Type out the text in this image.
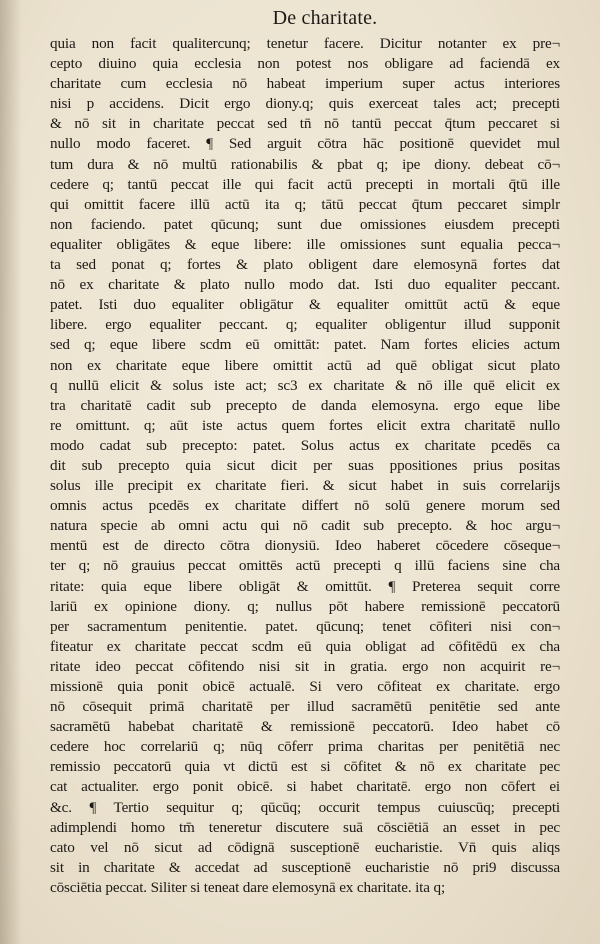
De charitate.
quia non facit qualitercunq; tenetur facere. Dicitur notanter ex pre¬
cepto diuino quia ecclesia non potest nos obligare ad faciendā ex
charitate cum ecclesia nō habeat imperium super actus interiores
nisi p accidens. Dicit ergo diony.q; quis exerceat tales act; precepti
& nō sit in charitate peccat sed tn̄ nō tantū peccat q̄tum peccaret si
nullo modo faceret. ¶ Sed arguit cōtra hāc positionē quevidet mul
tum dura & nō multū rationabilis & pbat q; ipe diony. debeat cō¬
cedere q; tantū peccat ille qui facit actū precepti in mortali q̄tū ille
qui omittit facere illū actū ita q; tātū peccat q̄tum peccaret simplr
non faciendo. patet qūcunq; sunt due omissiones eiusdem precepti
equaliter obligātes & eque libere: ille omissiones sunt equalia pecca¬
ta sed ponat q; fortes & plato obligent dare elemosynā fortes dat
nō ex charitate & plato nullo modo dat. Isti duo equaliter peccant.
patet. Isti duo equaliter obligātur & equaliter omittūt actū & eque
libere. ergo equaliter peccant. q; equaliter obligentur illud supponit
sed q; eque libere scdm eū omittāt: patet. Nam fortes elicies actum
non ex charitate eque libere omittit actū ad quē obligat sicut plato
q nullū elicit & solus iste act; sc3 ex charitate & nō ille quē elicit ex
tra charitatē cadit sub precepto de danda elemosyna. ergo eque libe
re omittunt. q; aūt iste actus quem fortes elicit extra charitatē nullo
modo cadat sub precepto: patet. Solus actus ex charitate pcedēs ca
dit sub precepto quia sicut dicit per suas ppositiones prius positas
solus ille precipit ex charitate fieri. & sicut habet in suis correlarijs
omnis actus pcedēs ex charitate differt nō solū genere morum sed
natura specie ab omni actu qui nō cadit sub precepto. & hoc argu¬
mentū est de directo cōtra dionysiū. Ideo haberet cōcedere cōseque¬
ter q; nō grauius peccat omittēs actū precepti q illū faciens sine cha
ritate: quia eque libere obligāt & omittūt. ¶ Preterea sequit corre
lariū ex opinione diony. q; nullus pōt habere remissionē peccatorū
per sacramentum penitentie. patet. qūcunq; tenet cōfiteri nisi con¬
fiteatur ex charitate peccat scdm eū quia obligat ad cōfitēdū ex cha
ritate ideo peccat cōfitendo nisi sit in gratia. ergo non acquirit re¬
missionē quia ponit obicē actualē. Si vero cōfiteat ex charitate. ergo
nō cōsequit primā charitatē per illud sacramētū penitētie sed ante
sacramētū habebat charitatē & remissionē peccatorū. Ideo habet cō
cedere hoc correlariū q; nūq cōferr prima charitas per penitētiā nec
remissio peccatorū quia vt dictū est si cōfitet & nō ex charitate pec
cat actualiter. ergo ponit obicē. si habet charitatē. ergo non cōfert ei
&c. ¶ Tertio sequitur q; qūcūq; occurit tempus cuiuscūq; precepti
adimplendi homo tm̄ teneretur discutere suā cōsciētiā an esset in pec
cato vel nō sicut ad cōdignā susceptionē eucharistie. Vn̄ quis aliqs
sit in charitate & accedat ad susceptionē eucharistie nō pri9 discussa
cōsciētia peccat. Siliter si teneat dare elemosynā ex charitate. ita q;
